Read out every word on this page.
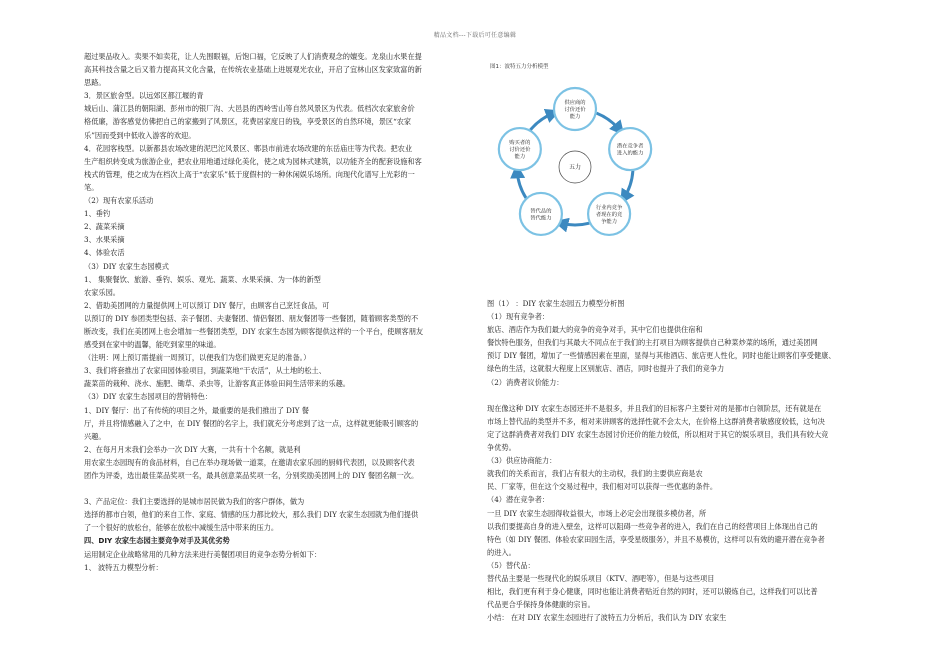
精品文档---下载后可任意编辑

超过果品收入。卖果不如卖花，让人先围眼福，后饱口福，它反映了人们消费观念的嬗变。龙泉山水果在提

高其科技含量之后又着力提高其文化含量，在传统农业基础上进展观光农业，开启了宜林山区发家致富的新

思路。

3．景区旅舍型。以远郊区都江堰的青

城后山、蒲江县的朝阳湖、彭州市的银厂沟、大邑县的西岭雪山等自然风景区为代表。低档次农家旅舍价

格低廉，游客感觉仿佛把自己的家搬到了风景区，花费居家度日的钱，享受景区的自然环境，景区“农家

乐”因而受到中低收入游客的欢迎。

4．花园客栈型。以新都县农场改建的泥巴沱风景区、郫县市前进农场改建的东岳庙庄等为代表。把农业

生产组织转变成为旅游企业，把农业用地通过绿化美化，使之成为园林式建筑，以功能齐全的配套设施和客

栈式的管理，使之成为在档次上高于“农家乐”低于度假村的一种休闲娱乐场所。向现代化谱写上光彩的一

笔。

（2）现有农家乐活动

1、垂钓

2、蔬菜采摘

3、水果采摘

4、体验农活

（3）DIY 农家生态园模式

1、 集聚餐饮、旅游、垂钓、娱乐、观光、蔬菜、水果采摘、为一体的新型

农家乐园。

2、借助美团网的力量提供网上可以预订 DIY 餐厅，由顾客自己烹饪食品，可

以预订的 DIY 参团类型包括、亲子餐团、夫妻餐团、情侣餐团、朋友餐团等一些餐团，随着顾客类型的不

断改变，我们在美团网上也会增加一些餐团类型，DIY 农家生态园为顾客提供这样的一个平台，使顾客朋友

感受到在家中的温馨，能吃到家里的味道。

（注明：网上预订需提前一周预订，以便我们为您们做更充足的准备。）

3、我们将套推出了农家田园体验项目，到蔬菜地“干农活”，从土地的松土、

蔬菜苗的栽种、浇水、施肥、锄草、杀虫等，让游客真正体验田间生活带来的乐趣。

（3）DIY 农家生态园项目的营销特色：

1、DIY 餐厅：出了有传统的项目之外，最重要的是我们推出了 DIY 餐

厅，并且将情感融入了之中，在 DIY 餐团的名字上，我们就充分考虑到了这一点，这样就更能吸引顾客的

兴趣。

2、在每月月末我们会举办一次 DIY 大赛，一共有十个名额，就是利

用农家生态园现有的食品材料，自己在举办现场做一道菜，在邀请农家乐园的厨师代表团，以及顾客代表

团作为评委，选出最佳菜品奖项一名，最具创意菜品奖项一名，分别奖励美团网上的 DIY 餐团名额一次。

3、产品定位：我们主要选择的是城市居民做为我们的客户群体，做为

选择的都市白领，他们的来自工作、家庭、情感的压力都比较大，那么我们 DIY 农家生态园就为他们提供

了一个很好的放松台，能够在放松中减缓生活中带来的压力。

四、DIY 农家生态园主要竞争对手及其优劣势

运用制定企业战略常用的几种方法来进行美餐团项目的竞争态势分析如下：

1、 波特五力模型分析：

图1：波特五力分析模型
供应商的
讨价还价
能力
潜在竞争者
进入的能力
行业内竞争
者现在的竞
争能力
替代品的
替代能力
购买者的
讨价还价
能力
五力

图（1） ：DIY 农家生态园五力模型分析图

（1）现有竞争者：

旅店、酒店作为我们最大的竞争的竞争对手，其中它们也提供住宿和

餐饮特色服务，但我们与其最大不同点在于我们的主打项目为顾客提供自己种菜炒菜的场所，通过美团网

预订 DIY 餐团，增加了一些情感因素在里面，显得与其他酒店、旅店更人性化，同时也能让顾客们享受健康、

绿色的生活，这就很大程度上区别旅店、酒店，同时也提升了我们的竞争力

（2）消费者议价能力：

现在像这种 DIY 农家生态园还并不是很多，并且我们的目标客户主要针对的是都市白领阶层，还有就是在

市场上替代品的类型并不多，相对来讲顾客的选择性就不会太大，在价格上这群消费者敏感度较低，这句决

定了这群消费者对我们 DIY 农家生态园讨价还价的能力较低，所以相对于其它的娱乐项目，我们具有较大竞

争优势。

（3）供应协商能力：

就我们的关系而言，我们占有很大的主动权，我们的主要供应商是农

民、厂家等，但在这个交易过程中，我们相对可以获得一些优惠的条件。

（4）潜在竞争者：

一旦 DIY 农家生态园得收益很大，市场上必定会出现很多模仿者，所

以我们要提高自身的进入壁垒，这样可以阻碍一些竞争者的进入，我们在自己的经营项目上体现出自己的

特色（如 DIY 餐团、体验农家田园生活，享受星级服务），并且不易模仿，这样可以有效的避开潜在竞争者

的进入。

（5）替代品：

替代品主要是一些现代化的娱乐项目（KTV、酒吧等），但是与这些项目

相比，我们更有利于身心健康，同时也能让消费者贴近自然的同时，还可以锻炼自己，这样我们可以比普

代品更合乎保持身体健康的宗旨。

小结： 在对 DIY 农家生态园进行了波特五力分析后，我们认为 DIY 农家生
